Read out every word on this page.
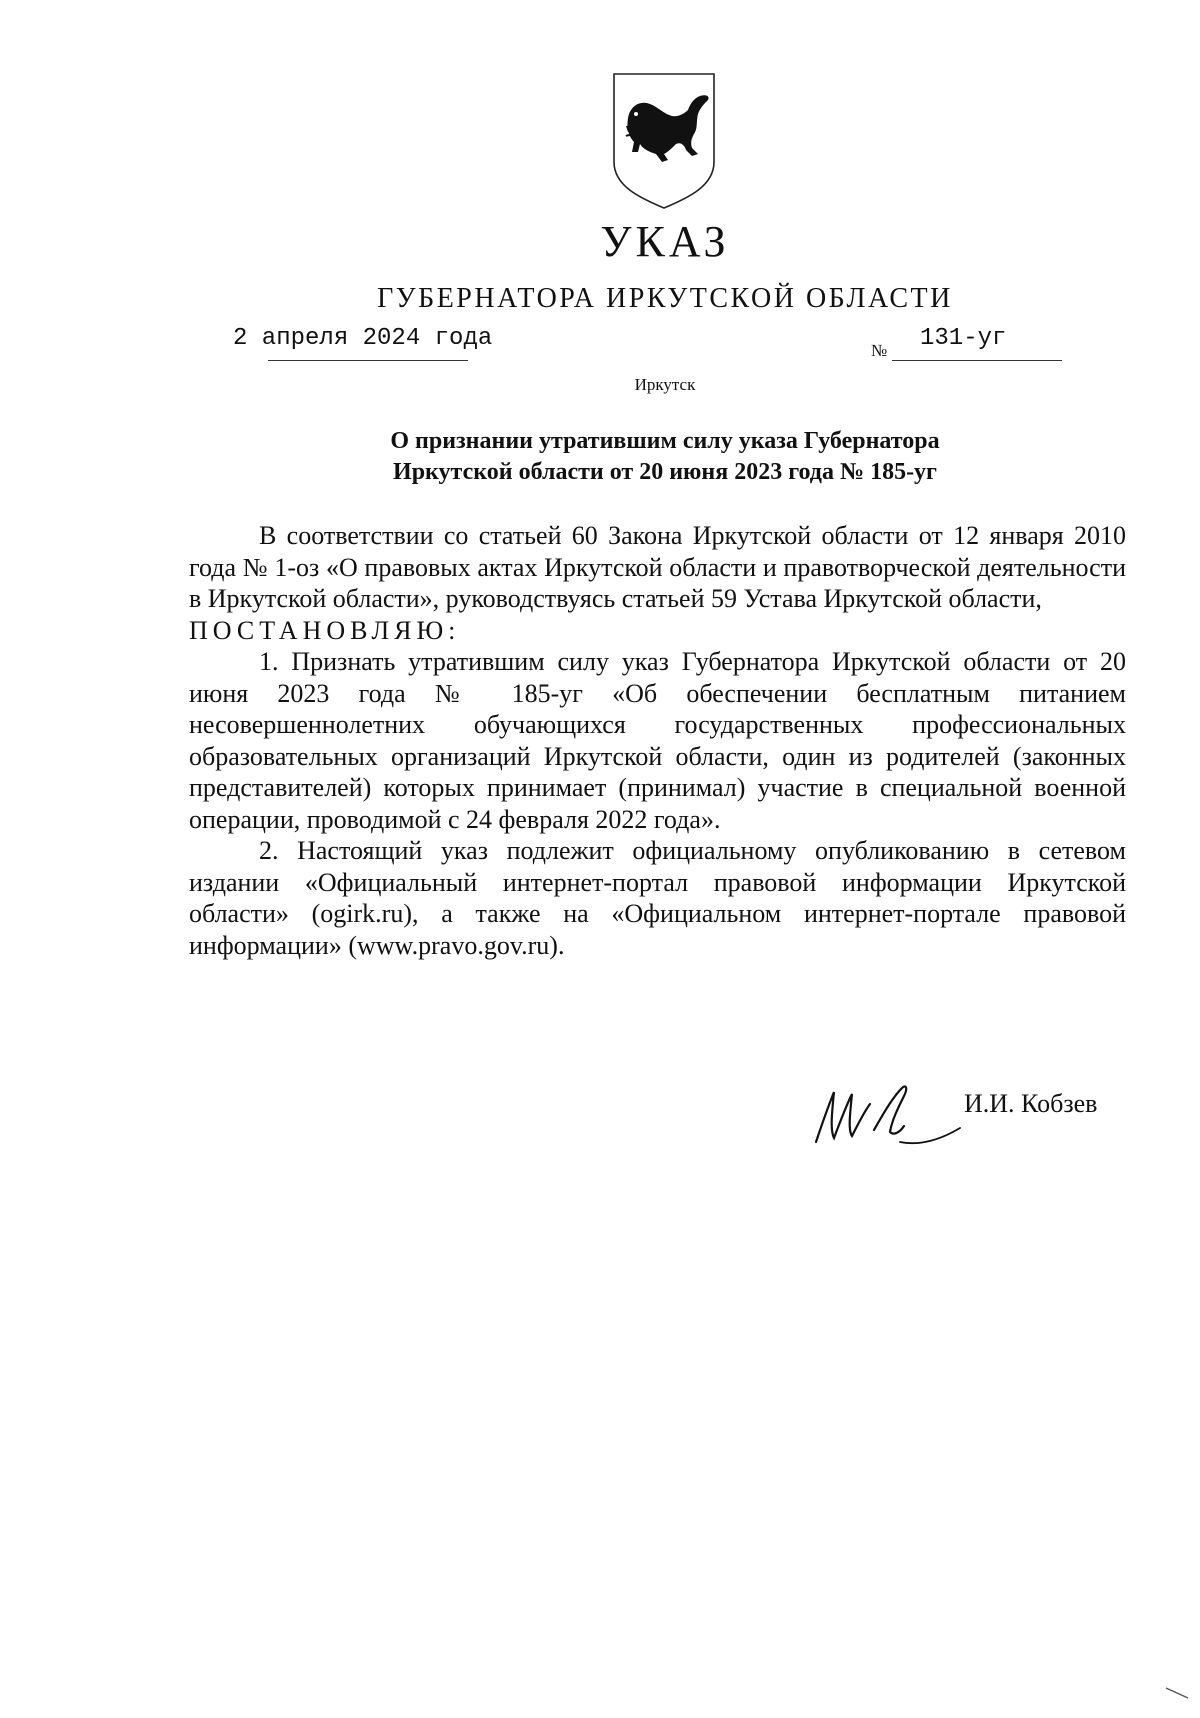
УКАЗ
ГУБЕРНАТОРА ИРКУТСКОЙ ОБЛАСТИ
2 апреля 2024 года	№ 131-уг
Иркутск
О признании утратившим силу указа Губернатора
Иркутской области от 20 июня 2023 года № 185-уг

В соответствии со статьей 60 Закона Иркутской области от 12 января 2010 года № 1-оз «О правовых актах Иркутской области и правотворческой деятельности в Иркутской области», руководствуясь статьей 59 Устава Иркутской области,

ПОСТАНОВЛЯЮ:

1. Признать утратившим силу указ Губернатора Иркутской области от 20 июня 2023 года № 185-уг «Об обеспечении бесплатным питанием несовершеннолетних обучающихся государственных профессиональных образовательных организаций Иркутской области, один из родителей (законных представителей) которых принимает (принимал) участие в специальной военной операции, проводимой с 24 февраля 2022 года».

2. Настоящий указ подлежит официальному опубликованию в сетевом издании «Официальный интернет-портал правовой информации Иркутской области» (ogirk.ru), а также на «Официальном интернет-портале правовой информации» (www.pravo.gov.ru).

И.И. Кобзев
